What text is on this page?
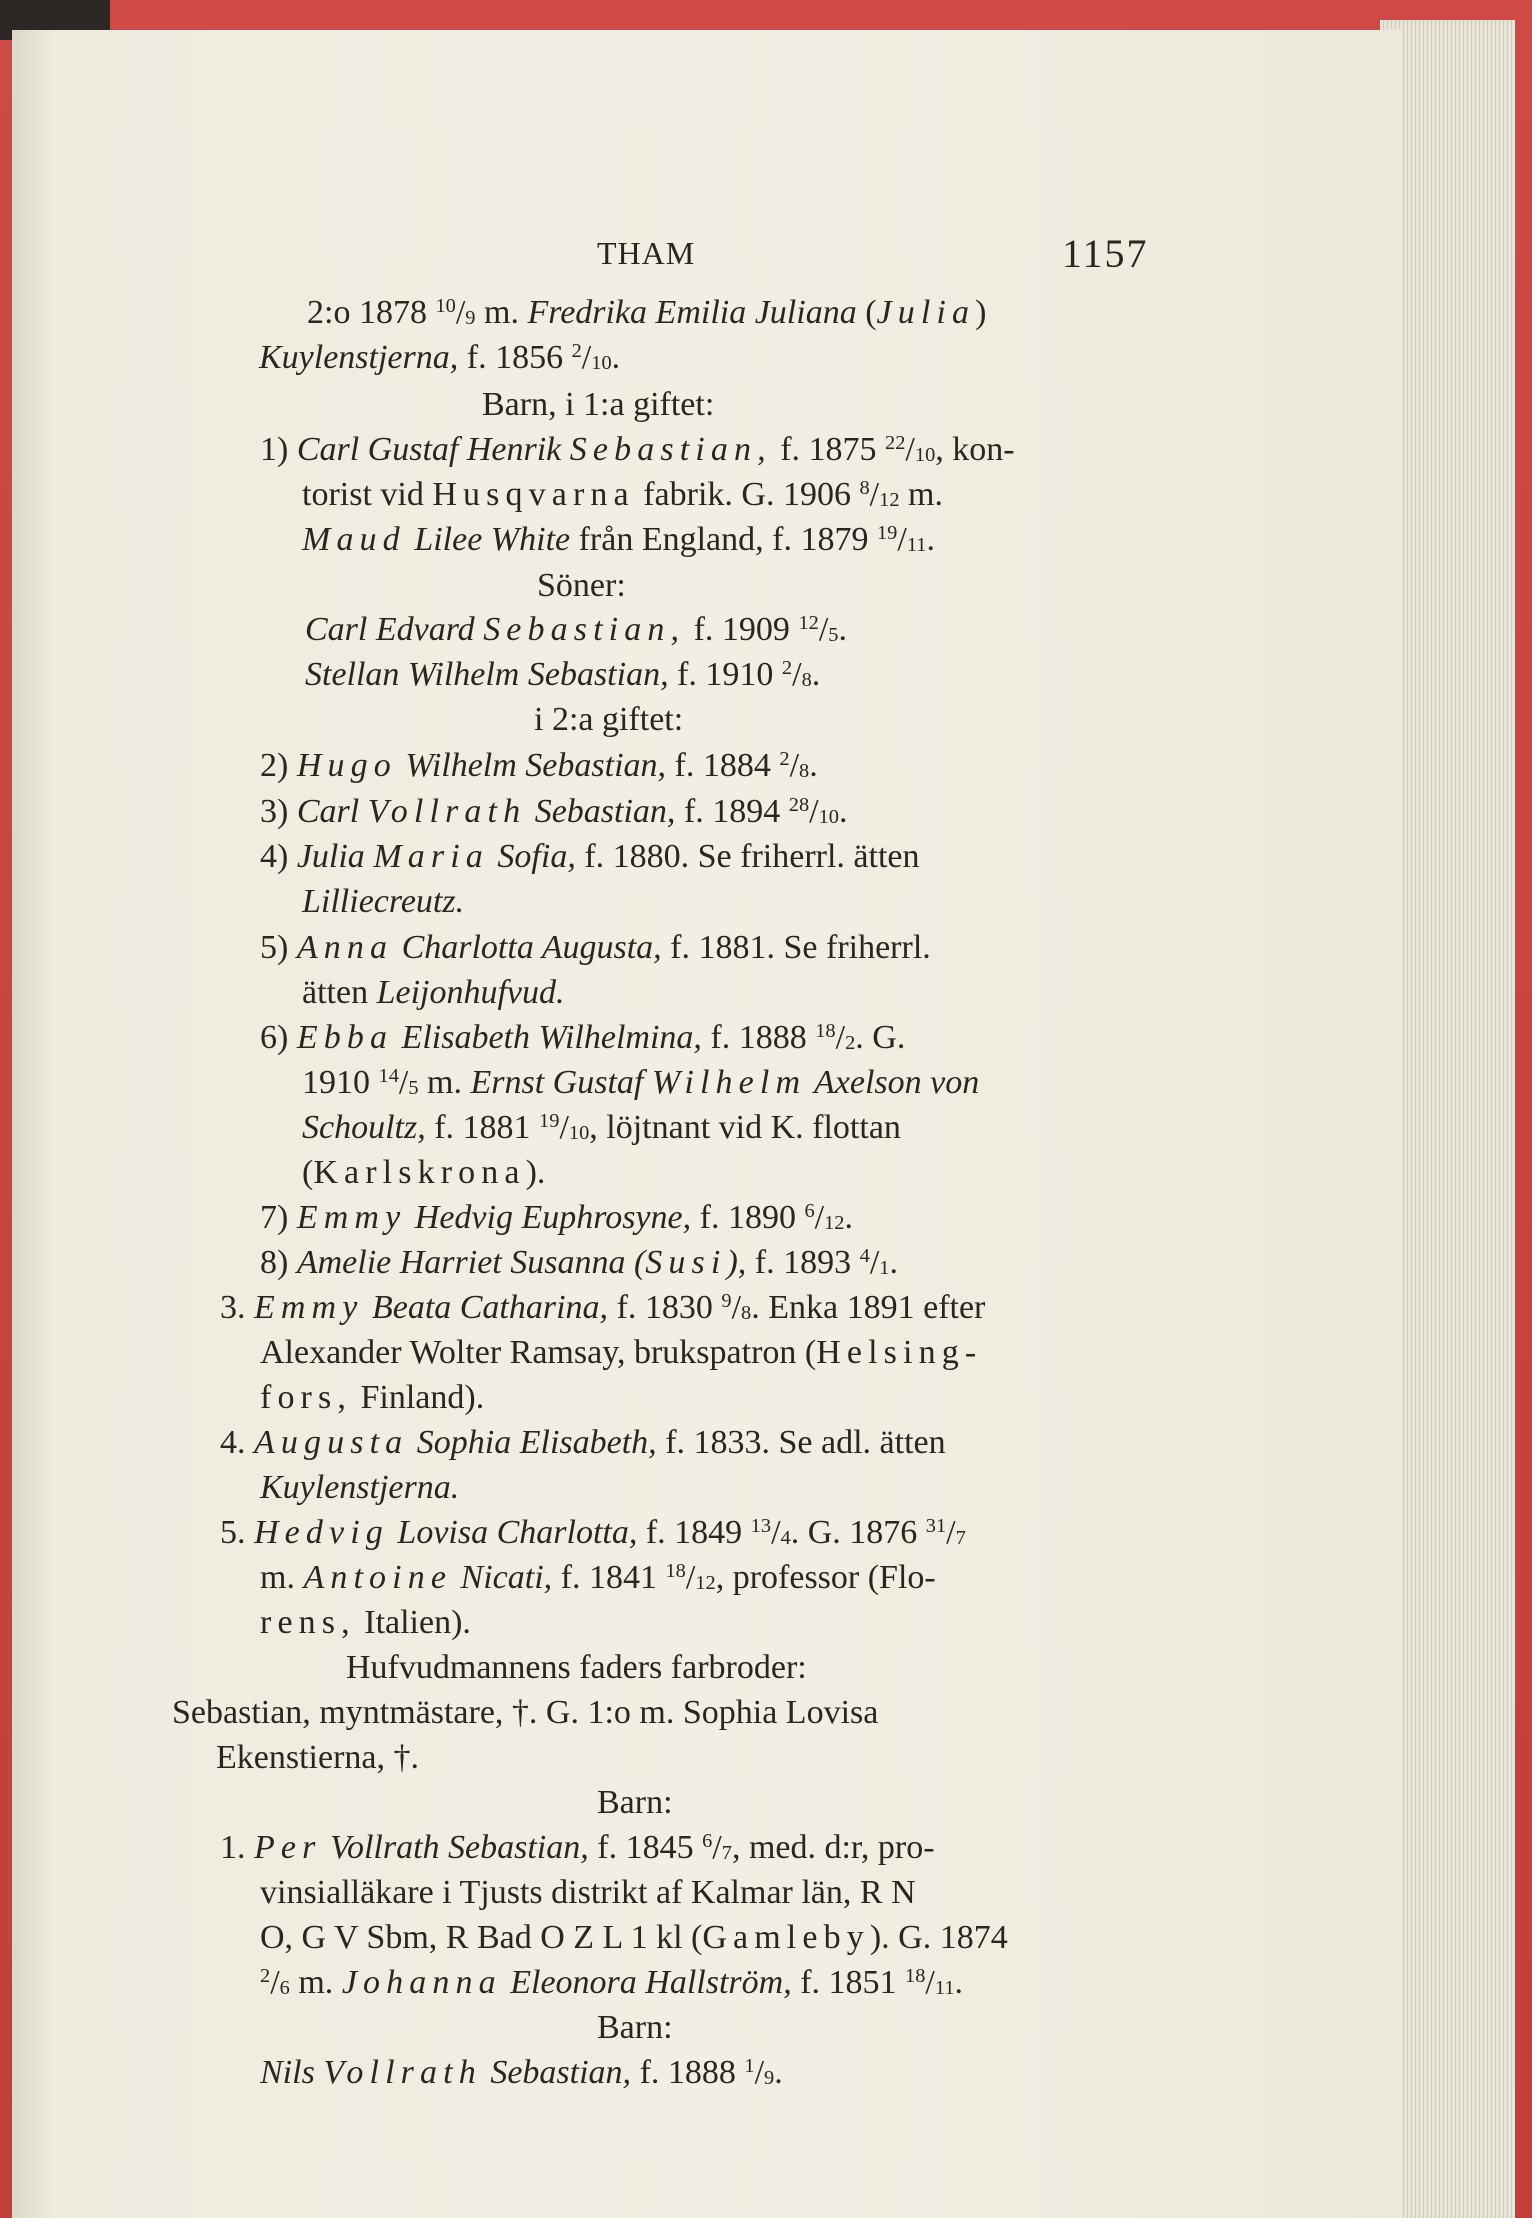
THAM	1157
2:o 1878 $^{10}/_9$ m. Fredrika Emilia Juliana (Julia)
Kuylenstjerna, f. 1856 $^2/_{10}$.
Barn, i 1:a giftet:
1) Carl Gustaf Henrik Sebastian, f. 1875 $^{22}/_{10}$, kon-
torist vid Husqvarna fabrik. G. 1906 $^8/_{12}$ m.
Maud Lilee White från England, f. 1879 $^{19}/_{11}$.
Söner:
Carl Edvard Sebastian, f. 1909 $^{12}/_5$.
Stellan Wilhelm Sebastian, f. 1910 $^2/_8$.
i 2:a giftet:
2) Hugo Wilhelm Sebastian, f. 1884 $^2/_8$.
3) Carl Vollrath Sebastian, f. 1894 $^{28}/_{10}$.
4) Julia Maria Sofia, f. 1880. Se friherrl. ätten
Lilliecreutz.
5) Anna Charlotta Augusta, f. 1881. Se friherrl.
ätten Leijonhufvud.
6) Ebba Elisabeth Wilhelmina, f. 1888 $^{18}/_2$. G.
1910 $^{14}/_5$ m. Ernst Gustaf Wilhelm Axelson von
Schoultz, f. 1881 $^{19}/_{10}$, löjtnant vid K. flottan
(Karlskrona).
7) Emmy Hedvig Euphrosyne, f. 1890 $^6/_{12}$.
8) Amelie Harriet Susanna (Susi), f. 1893 $^4/_1$.
3. Emmy Beata Catharina, f. 1830 $^9/_8$. Enka 1891 efter
Alexander Wolter Ramsay, brukspatron (Helsing-
fors, Finland).
4. Augusta Sophia Elisabeth, f. 1833. Se adl. ätten
Kuylenstjerna.
5. Hedvig Lovisa Charlotta, f. 1849 $^{13}/_4$. G. 1876 $^{31}/_7$
m. Antoine Nicati, f. 1841 $^{18}/_{12}$, professor (Flo-
rens, Italien).
Hufvudmannens faders farbroder:
Sebastian, myntmästare, †. G. 1:o m. Sophia Lovisa
Ekenstierna, †.
Barn:
1. Per Vollrath Sebastian, f. 1845 $^6/_7$, med. d:r, pro-
vinsialläkare i Tjusts distrikt af Kalmar län, R N
O, G V Sbm, R Bad O Z L 1 kl (Gamleby). G. 1874
$^2/_6$ m. Johanna Eleonora Hallström, f. 1851 $^{18}/_{11}$.
Barn:
Nils Vollrath Sebastian, f. 1888 $^1/_9$.
